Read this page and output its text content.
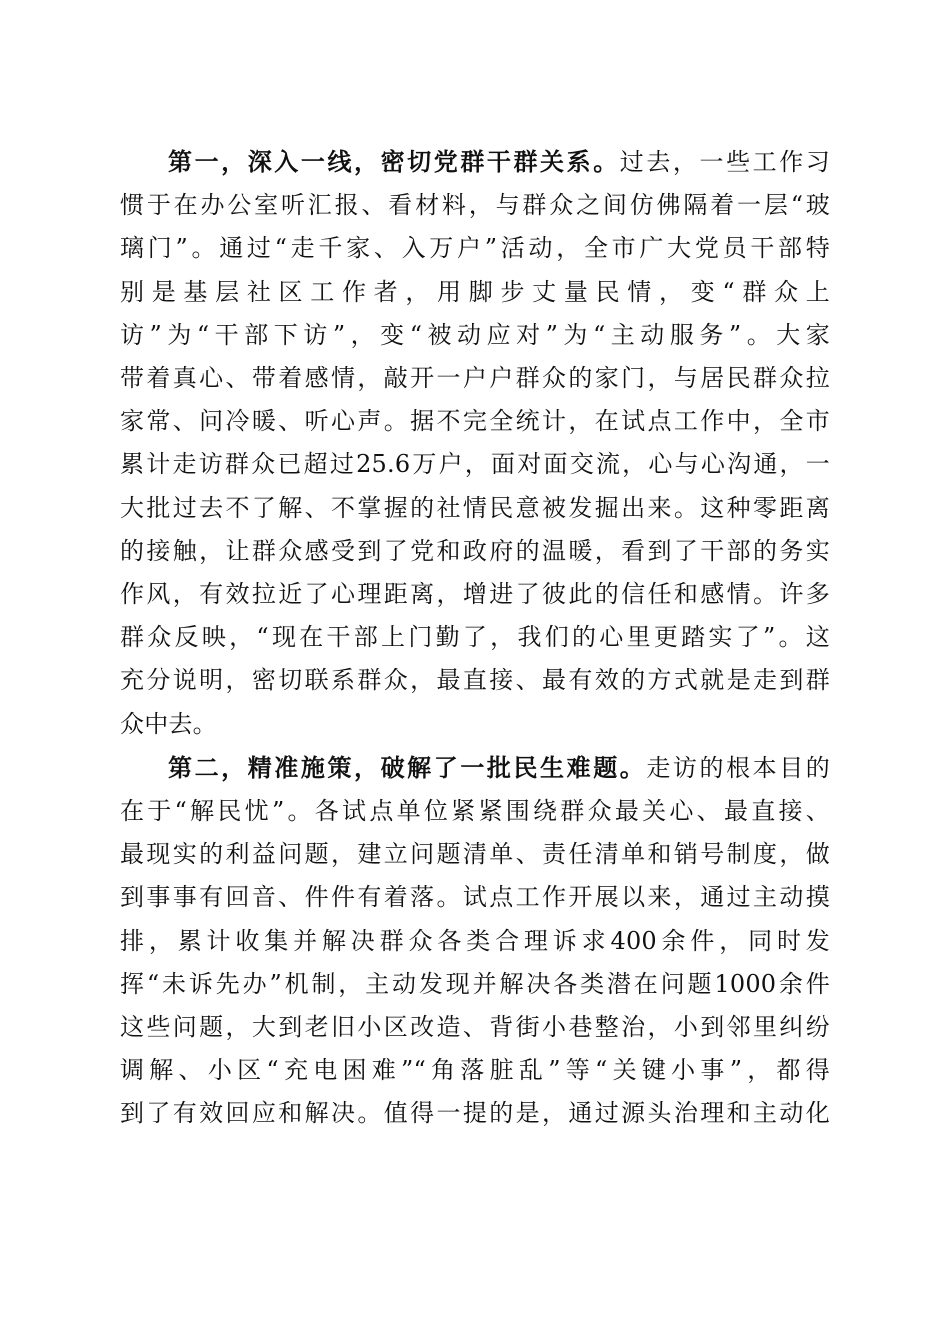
第一，深入一线，密切党群干群关系。过去，一些工作习
惯于在办公室听汇报、看材料，与群众之间仿佛隔着一层“玻
璃门”。通过“走千家、入万户”活动，全市广大党员干部特
别是基层社区工作者，用脚步丈量民情，变“群众上
访”为“干部下访”，变“被动应对”为“主动服务”。大家
带着真心、带着感情，敲开一户户群众的家门，与居民群众拉
家常、问冷暖、听心声。据不完全统计，在试点工作中，全市
累计走访群众已超过25.6万户，面对面交流，心与心沟通，一
大批过去不了解、不掌握的社情民意被发掘出来。这种零距离
的接触，让群众感受到了党和政府的温暖，看到了干部的务实
作风，有效拉近了心理距离，增进了彼此的信任和感情。许多
群众反映，“现在干部上门勤了，我们的心里更踏实了”。这
充分说明，密切联系群众，最直接、最有效的方式就是走到群
众中去。
第二，精准施策，破解了一批民生难题。走访的根本目的
在于“解民忧”。各试点单位紧紧围绕群众最关心、最直接、
最现实的利益问题，建立问题清单、责任清单和销号制度，做
到事事有回音、件件有着落。试点工作开展以来，通过主动摸
排，累计收集并解决群众各类合理诉求400余件，同时发
挥“未诉先办”机制，主动发现并解决各类潜在问题1000余件
这些问题，大到老旧小区改造、背街小巷整治，小到邻里纠纷
调解、小区“充电困难”“角落脏乱”等“关键小事”，都得
到了有效回应和解决。值得一提的是，通过源头治理和主动化
